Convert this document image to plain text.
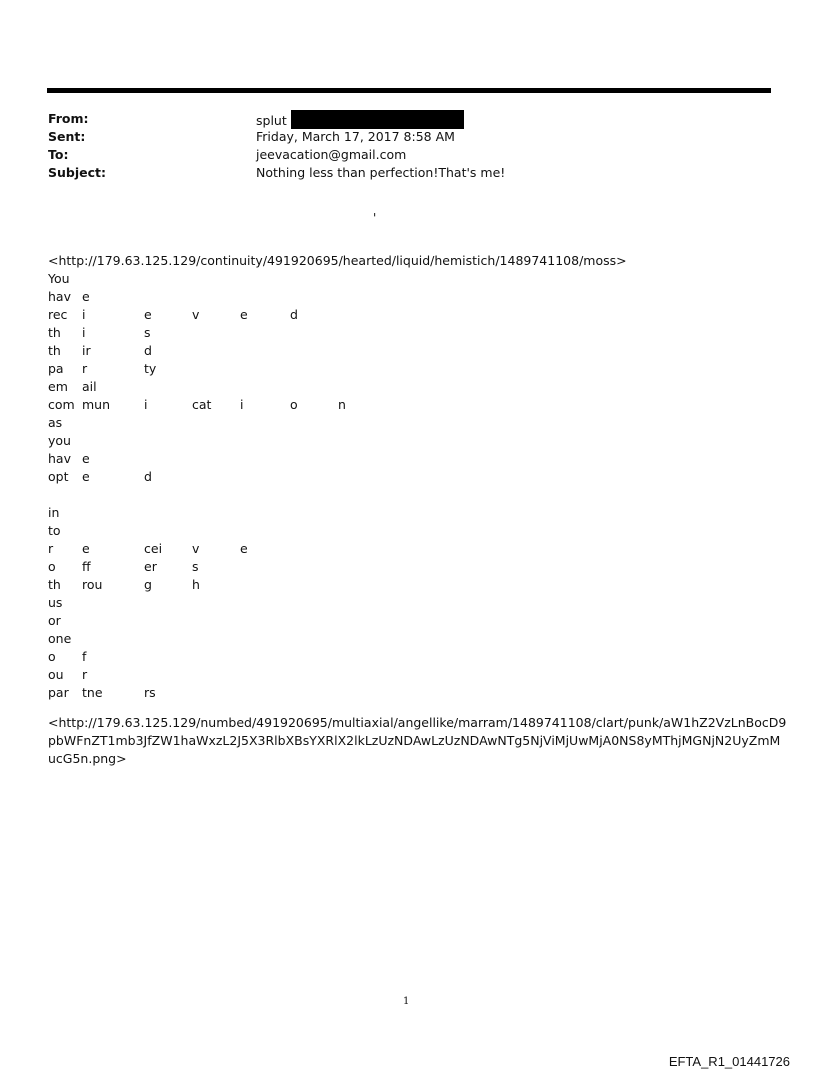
From:	splut
Sent:	Friday, March 17, 2017 8:58 AM
To:	jeevacation@gmail.com
Subject:	Nothing less than perfection!That's me!
'
<http://179.63.125.129/continuity/491920695/hearted/liquid/hemistich/1489741108/moss>
You
hav e
rec i	e	v	e	d
th i	s
th ir	d
pa r	ty
em ail
com mun	i	cat i	o	n
as
you
hav e
opt e	d
in
to
r e	cei v	e
o ff	er	s
th rou	g	h
us
or
one
o f
ou r
par tne	rs
<http://179.63.125.129/numbed/491920695/multiaxial/angellike/marram/1489741108/clart/punk/aW1hZ2VzLnBocD9
pbWFnZT1mb3JfZW1haWxzL2J5X3RlbXBsYXRlX2lkLzUzNDAwLzUzNDAwNTg5NjViMjUwMjA0NS8yMThjMGNjN2UyZmM
ucG5n.png>
1
EFTA_R1_01441726
